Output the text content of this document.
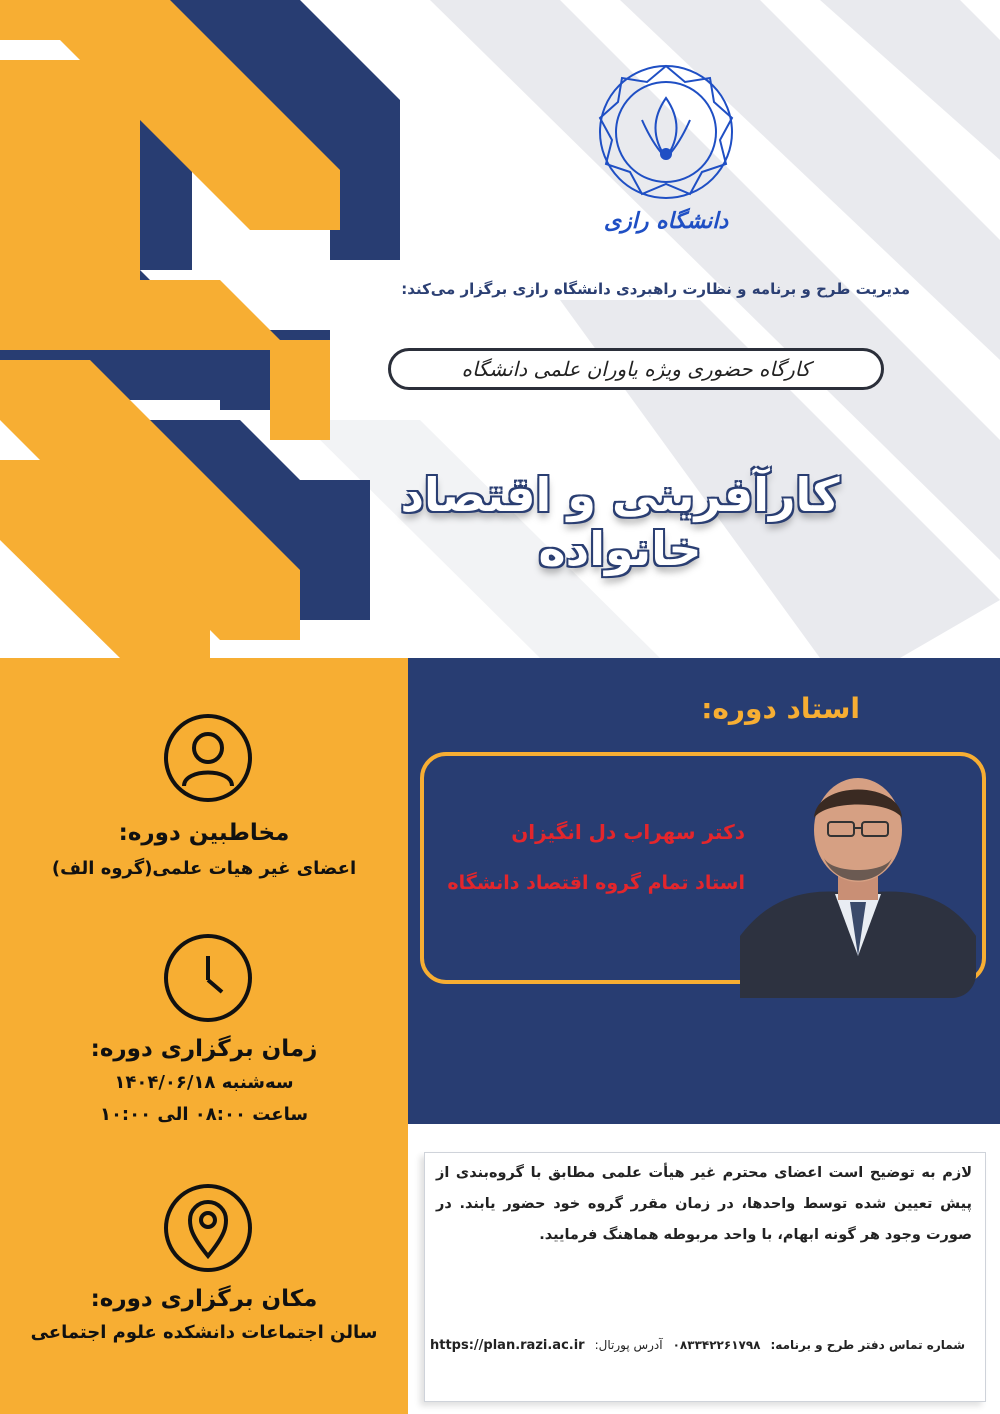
دانشگاه رازی
مدیریت طرح و برنامه و نظارت راهبردی دانشگاه رازی برگزار می‌کند:
کارگاه حضوری ویژه یاوران علمی دانشگاه
کارآفرینی و اقتصاد خانواده
مخاطبین دوره:
اعضای غیر هیات علمی(گروه الف)
زمان برگزاری دوره:
سه‌شنبه ۱۴۰۴/۰۶/۱۸
ساعت ۰۸:۰۰ الی ۱۰:۰۰
مکان برگزاری دوره:
سالن اجتماعات دانشکده علوم اجتماعی
استاد دوره:
دکتر سهراب دل انگیزان
استاد تمام گروه اقتصاد دانشگاه
لازم به توضیح است اعضای محترم غیر هیأت علمی مطابق با گروه‌بندی از پیش تعیین شده توسط واحدها، در زمان مقرر گروه خود حضور یابند. در صورت وجود هر گونه ابهام، با واحد مربوطه هماهنگ فرمایید.
شماره تماس دفتر طرح و برنامه:
۰۸۳۳۴۲۲۶۱۷۹۸
آدرس پورتال:
https://plan.razi.ac.ir
